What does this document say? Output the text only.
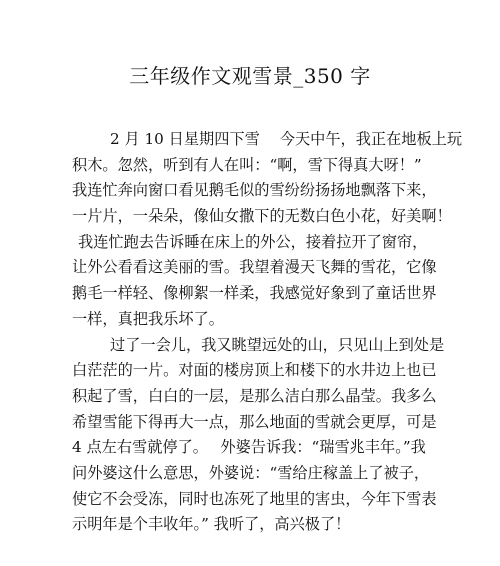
三年级作文观雪景_350 字
2 月 10 日星期四下雪　 今天中午，我正在地板上玩
积木。忽然，听到有人在叫：“啊，雪下得真大呀！”
我连忙奔向窗口看见鹅毛似的雪纷纷扬扬地飘落下来，
一片片，一朵朵，像仙女撒下的无数白色小花，好美啊！
我连忙跑去告诉睡在床上的外公，接着拉开了窗帘，
让外公看看这美丽的雪。我望着漫天飞舞的雪花，它像
鹅毛一样轻、像柳絮一样柔，我感觉好象到了童话世界
一样，真把我乐坏了。
过了一会儿，我又眺望远处的山，只见山上到处是
白茫茫的一片。对面的楼房顶上和楼下的水井边上也已
积起了雪，白白的一层，是那么洁白那么晶莹。我多么
希望雪能下得再大一点，那么地面的雪就会更厚，可是
4 点左右雪就停了。　 外婆告诉我：“瑞雪兆丰年。”我
问外婆这什么意思，外婆说：“雪给庄稼盖上了被子，
使它不会受冻，同时也冻死了地里的害虫，今年下雪表
示明年是个丰收年。” 我听了，高兴极了！
